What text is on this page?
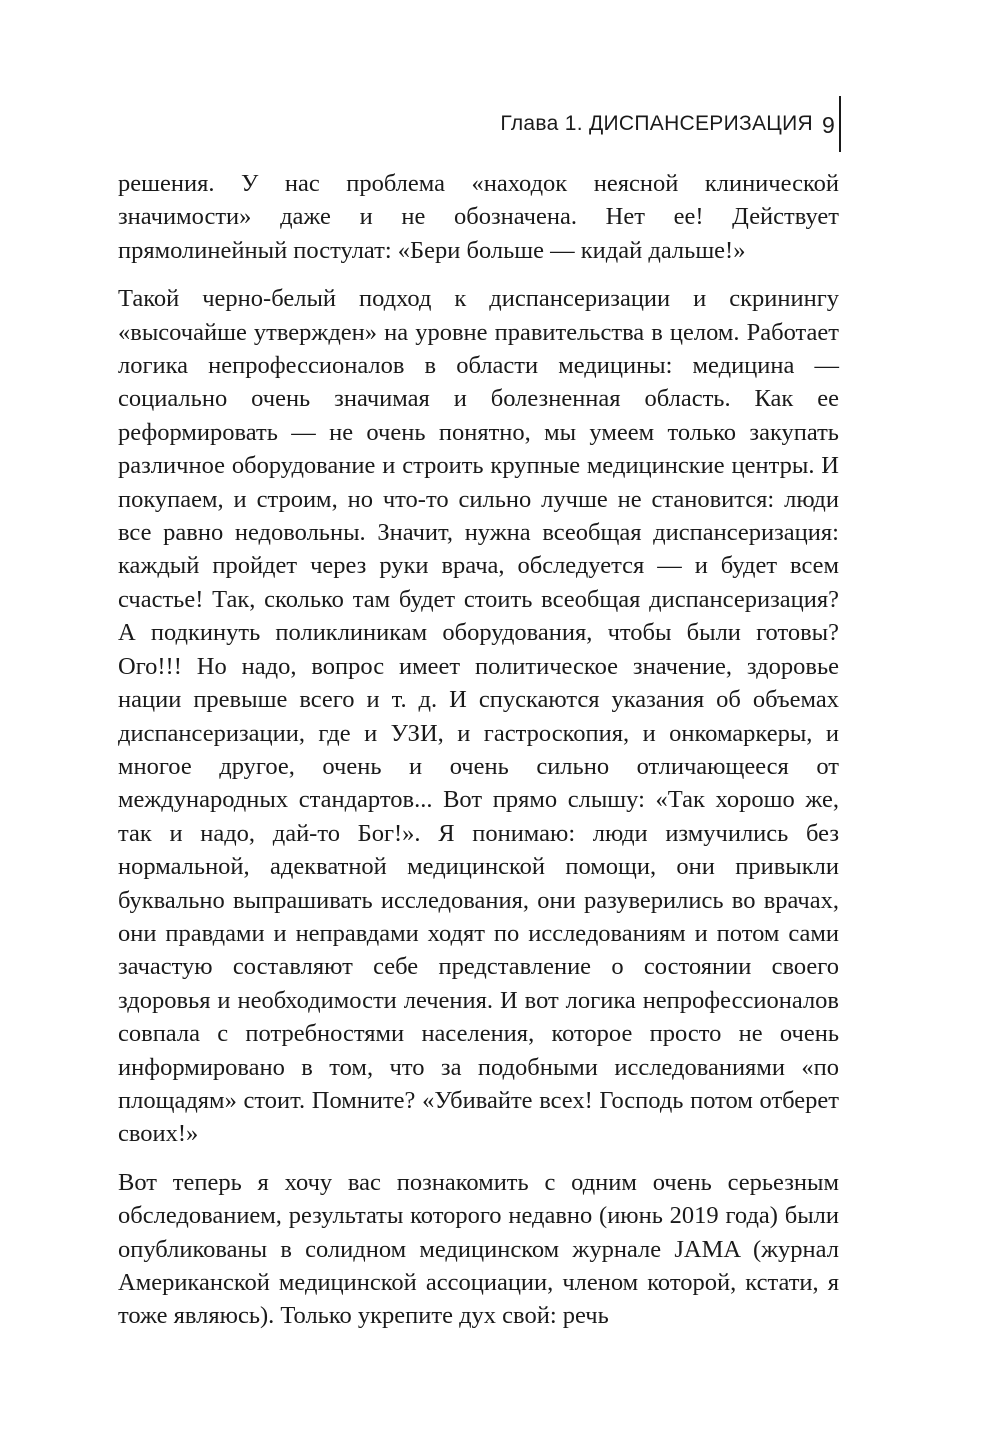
Глава 1. ДИСПАНСЕРИЗАЦИЯ 9

решения. У нас проблема «находок неясной клинической значимости» даже и не обозначена. Нет ее! Действует прямолинейный постулат: «Бери больше — кидай дальше!»

Такой черно-белый подход к диспансеризации и скринингу «высочайше утвержден» на уровне правительства в целом. Работает логика непрофессионалов в области медицины: медицина — социально очень значимая и болезненная область. Как ее реформировать — не очень понятно, мы умеем только закупать различное оборудование и строить крупные медицинские центры. И покупаем, и строим, но что-то сильно лучше не становится: люди все равно недовольны. Значит, нужна всеобщая диспансеризация: каждый пройдет через руки врача, обследуется — и будет всем счастье! Так, сколько там будет стоить всеобщая диспансеризация? А подкинуть поликлиникам оборудования, чтобы были готовы? Ого!!! Но надо, вопрос имеет политическое значение, здоровье нации превыше всего и т. д. И спускаются указания об объемах диспансеризации, где и УЗИ, и гастроскопия, и онкомаркеры, и многое другое, очень и очень сильно отличающееся от международных стандартов... Вот прямо слышу: «Так хорошо же, так и надо, дай-то Бог!». Я понимаю: люди измучились без нормальной, адекватной медицинской помощи, они привыкли буквально выпрашивать исследования, они разуверились во врачах, они правдами и неправдами ходят по исследованиям и потом сами зачастую составляют себе представление о состоянии своего здоровья и необходимости лечения. И вот логика непрофессионалов совпала с потребностями населения, которое просто не очень информировано в том, что за подобными исследованиями «по площадям» стоит. Помните? «Убивайте всех! Господь потом отберет своих!»

Вот теперь я хочу вас познакомить с одним очень серьезным обследованием, результаты которого недавно (июнь 2019 года) были опубликованы в солидном медицинском журнале JAMA (журнал Американской медицинской ассоциации, членом которой, кстати, я тоже являюсь). Только укрепите дух свой: речь
